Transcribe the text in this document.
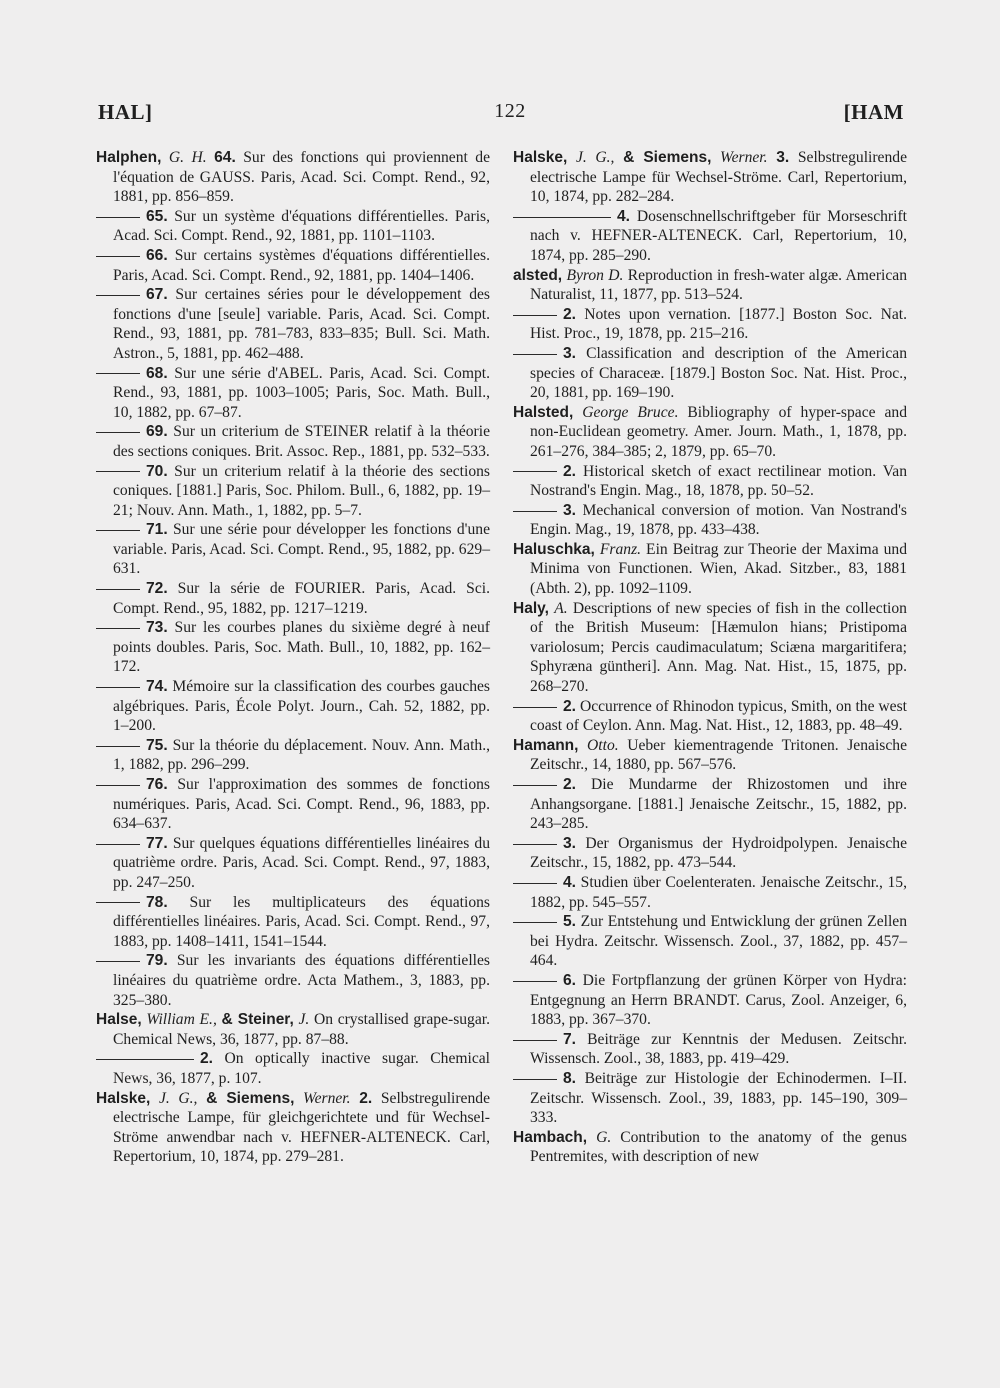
HAL]	122	[HAM

Halphen, G. H. 64. Sur des fonctions qui proviennent de l'équation de GAUSS. Paris, Acad. Sci. Compt. Rend., 92, 1881, pp. 856–859.

65. Sur un système d'équations différentielles. Paris, Acad. Sci. Compt. Rend., 92, 1881, pp. 1101–1103.

66. Sur certains systèmes d'équations différentielles. Paris, Acad. Sci. Compt. Rend., 92, 1881, pp. 1404–1406.

67. Sur certaines séries pour le développement des fonctions d'une [seule] variable. Paris, Acad. Sci. Compt. Rend., 93, 1881, pp. 781–783, 833–835; Bull. Sci. Math. Astron., 5, 1881, pp. 462–488.

68. Sur une série d'ABEL. Paris, Acad. Sci. Compt. Rend., 93, 1881, pp. 1003–1005; Paris, Soc. Math. Bull., 10, 1882, pp. 67–87.

69. Sur un criterium de STEINER relatif à la théorie des sections coniques. Brit. Assoc. Rep., 1881, pp. 532–533.

70. Sur un criterium relatif à la théorie des sections coniques. [1881.] Paris, Soc. Philom. Bull., 6, 1882, pp. 19–21; Nouv. Ann. Math., 1, 1882, pp. 5–7.

71. Sur une série pour développer les fonctions d'une variable. Paris, Acad. Sci. Compt. Rend., 95, 1882, pp. 629–631.

72. Sur la série de FOURIER. Paris, Acad. Sci. Compt. Rend., 95, 1882, pp. 1217–1219.

73. Sur les courbes planes du sixième degré à neuf points doubles. Paris, Soc. Math. Bull., 10, 1882, pp. 162–172.

74. Mémoire sur la classification des courbes gauches algébriques. Paris, École Polyt. Journ., Cah. 52, 1882, pp. 1–200.

75. Sur la théorie du déplacement. Nouv. Ann. Math., 1, 1882, pp. 296–299.

76. Sur l'approximation des sommes de fonctions numériques. Paris, Acad. Sci. Compt. Rend., 96, 1883, pp. 634–637.

77. Sur quelques équations différentielles linéaires du quatrième ordre. Paris, Acad. Sci. Compt. Rend., 97, 1883, pp. 247–250.

78. Sur les multiplicateurs des équations différentielles linéaires. Paris, Acad. Sci. Compt. Rend., 97, 1883, pp. 1408–1411, 1541–1544.

79. Sur les invariants des équations différentielles linéaires du quatrième ordre. Acta Mathem., 3, 1883, pp. 325–380.

Halse, William E., & Steiner, J. On crystallised grape-sugar. Chemical News, 36, 1877, pp. 87–88.

2. On optically inactive sugar. Chemical News, 36, 1877, p. 107.

Halske, J. G., & Siemens, Werner. 2. Selbstregulirende electrische Lampe, für gleichgerichtete und für Wechsel-Ströme anwendbar nach v. HEFNER-ALTENECK. Carl, Repertorium, 10, 1874, pp. 279–281.

Halske, J. G., & Siemens, Werner. 3. Selbstregulirende electrische Lampe für Wechsel-Ströme. Carl, Repertorium, 10, 1874, pp. 282–284.

4. Dosenschnellschriftgeber für Morseschrift nach v. HEFNER-ALTENECK. Carl, Repertorium, 10, 1874, pp. 285–290.

alsted, Byron D. Reproduction in fresh-water algæ. American Naturalist, 11, 1877, pp. 513–524.

2. Notes upon vernation. [1877.] Boston Soc. Nat. Hist. Proc., 19, 1878, pp. 215–216.

3. Classification and description of the American species of Characeæ. [1879.] Boston Soc. Nat. Hist. Proc., 20, 1881, pp. 169–190.

Halsted, George Bruce. Bibliography of hyper-space and non-Euclidean geometry. Amer. Journ. Math., 1, 1878, pp. 261–276, 384–385; 2, 1879, pp. 65–70.

2. Historical sketch of exact rectilinear motion. Van Nostrand's Engin. Mag., 18, 1878, pp. 50–52.

3. Mechanical conversion of motion. Van Nostrand's Engin. Mag., 19, 1878, pp. 433–438.

Haluschka, Franz. Ein Beitrag zur Theorie der Maxima und Minima von Functionen. Wien, Akad. Sitzber., 83, 1881 (Abth. 2), pp. 1092–1109.

Haly, A. Descriptions of new species of fish in the collection of the British Museum: [Hæmulon hians; Pristipoma variolosum; Percis caudimaculatum; Sciæna margaritifera; Sphyræna güntheri]. Ann. Mag. Nat. Hist., 15, 1875, pp. 268–270.

2. Occurrence of Rhinodon typicus, Smith, on the west coast of Ceylon. Ann. Mag. Nat. Hist., 12, 1883, pp. 48–49.

Hamann, Otto. Ueber kiementragende Tritonen. Jenaische Zeitschr., 14, 1880, pp. 567–576.

2. Die Mundarme der Rhizostomen und ihre Anhangsorgane. [1881.] Jenaische Zeitschr., 15, 1882, pp. 243–285.

3. Der Organismus der Hydroidpolypen. Jenaische Zeitschr., 15, 1882, pp. 473–544.

4. Studien über Coelenteraten. Jenaische Zeitschr., 15, 1882, pp. 545–557.

5. Zur Entstehung und Entwicklung der grünen Zellen bei Hydra. Zeitschr. Wissensch. Zool., 37, 1882, pp. 457–464.

6. Die Fortpflanzung der grünen Körper von Hydra: Entgegnung an Herrn BRANDT. Carus, Zool. Anzeiger, 6, 1883, pp. 367–370.

7. Beiträge zur Kenntnis der Medusen. Zeitschr. Wissensch. Zool., 38, 1883, pp. 419–429.

8. Beiträge zur Histologie der Echinodermen. I–II. Zeitschr. Wissensch. Zool., 39, 1883, pp. 145–190, 309–333.

Hambach, G. Contribution to the anatomy of the genus Pentremites, with description of new
